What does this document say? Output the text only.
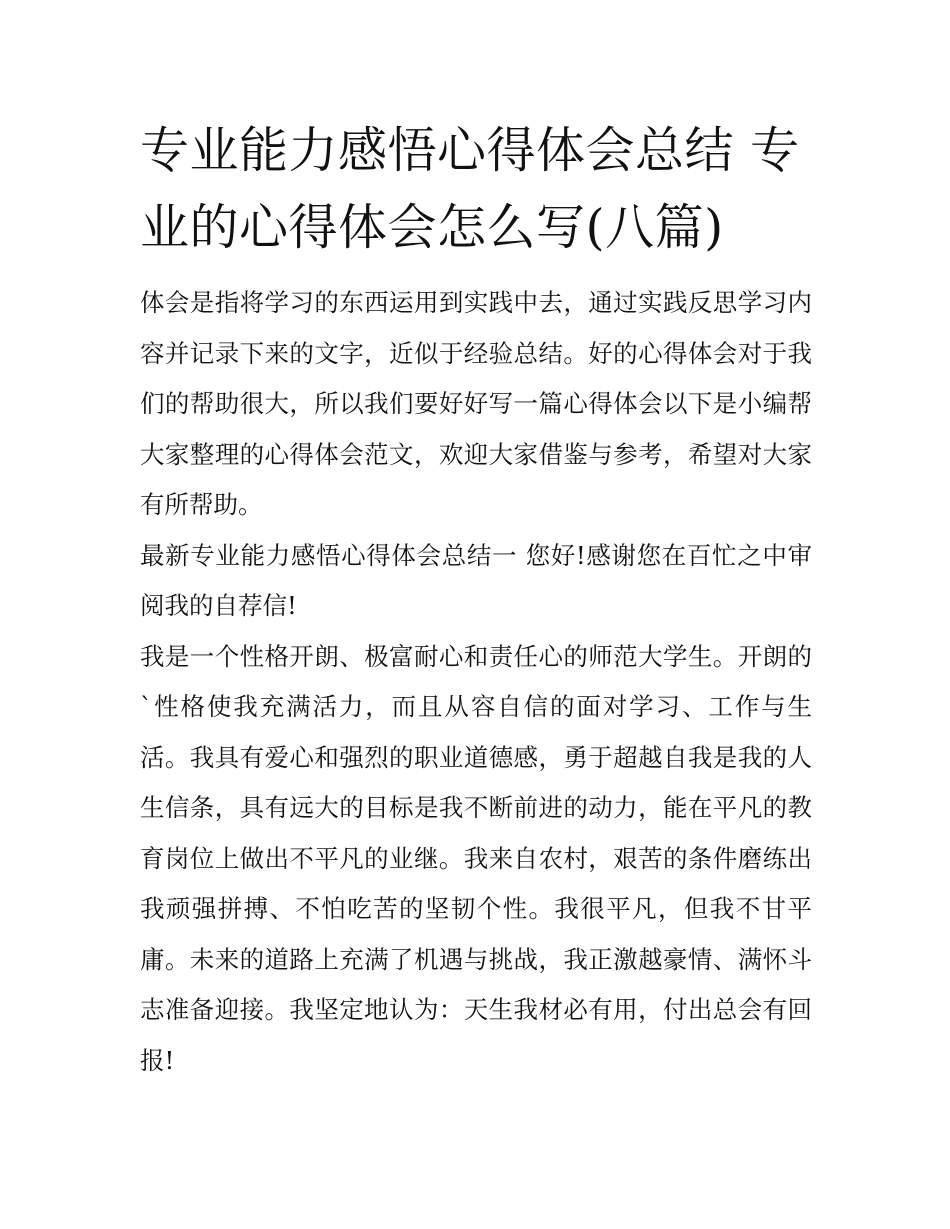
专业能力感悟心得体会总结 专业的心得体会怎么写(八篇)

体会是指将学习的东西运用到实践中去，通过实践反思学习内容并记录下来的文字，近似于经验总结。好的心得体会对于我们的帮助很大，所以我们要好好写一篇心得体会以下是小编帮大家整理的心得体会范文，欢迎大家借鉴与参考，希望对大家有所帮助。

最新专业能力感悟心得体会总结一 您好!感谢您在百忙之中审阅我的自荐信!

我是一个性格开朗、极富耐心和责任心的师范大学生。开朗的`性格使我充满活力，而且从容自信的面对学习、工作与生活。我具有爱心和强烈的职业道德感，勇于超越自我是我的人生信条，具有远大的目标是我不断前进的动力，能在平凡的教育岗位上做出不平凡的业继。我来自农村，艰苦的条件磨练出我顽强拼搏、不怕吃苦的坚韧个性。我很平凡，但我不甘平庸。未来的道路上充满了机遇与挑战，我正激越豪情、满怀斗志准备迎接。我坚定地认为：天生我材必有用，付出总会有回报!
